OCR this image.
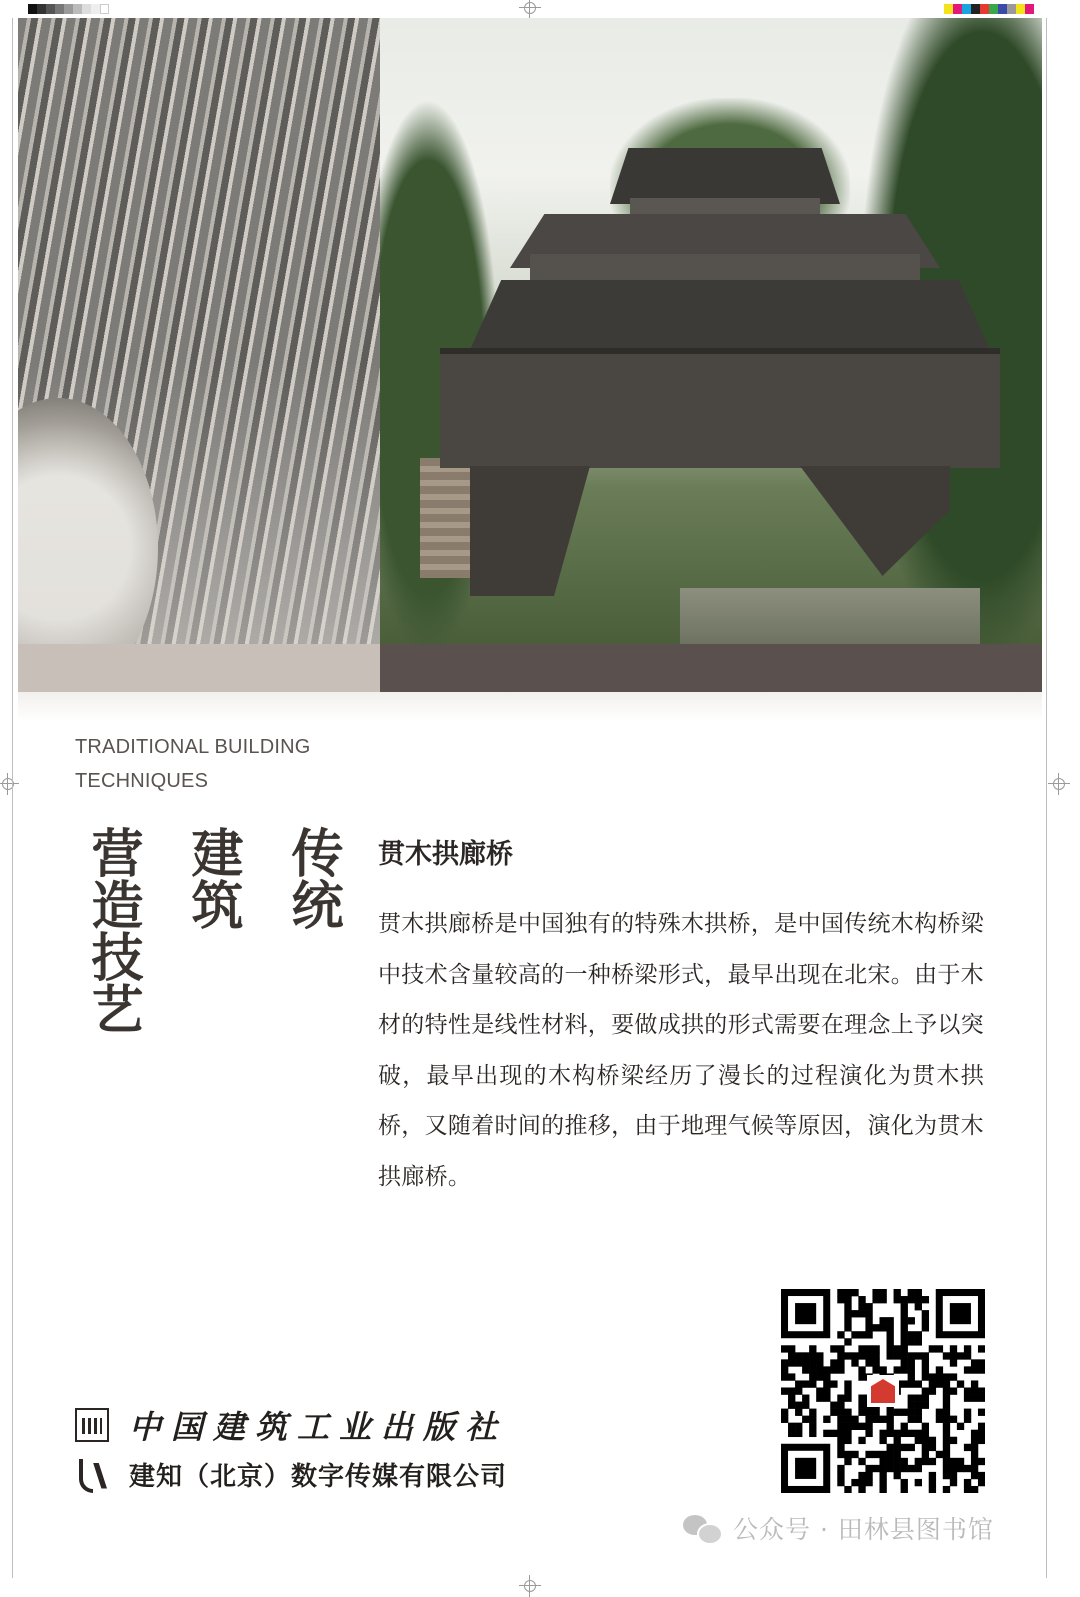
TRADITIONAL BUILDING
TECHNIQUES
传统
建筑
营造技艺	贯木拱廊桥
贯木拱廊桥是中国独有的特殊木拱桥，是中国传统木构桥梁中技术含量较高的一种桥梁形式，最早出现在北宋。由于木材的特性是线性材料，要做成拱的形式需要在理念上予以突破，最早出现的木构桥梁经历了漫长的过程演化为贯木拱桥，又随着时间的推移，由于地理气候等原因，演化为贯木拱廊桥。
中国建筑工业出版社
建知（北京）数字传媒有限公司
公众号 · 田林县图书馆
